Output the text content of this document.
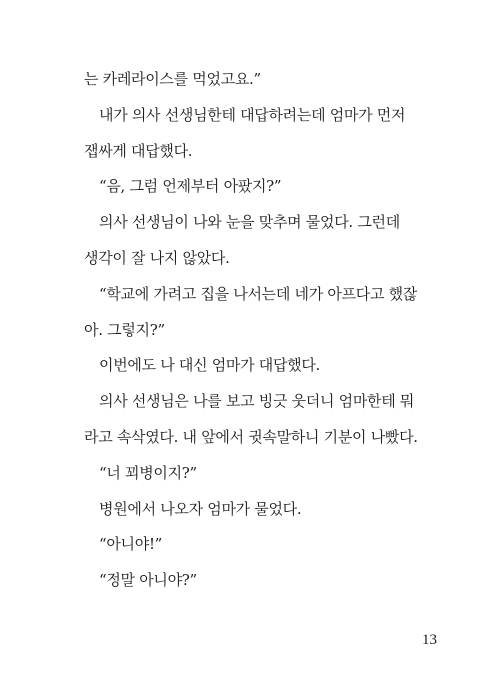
는 카레라이스를 먹었고요.”
내가 의사 선생님한테 대답하려는데 엄마가 먼저
잽싸게 대답했다.
“음, 그럼 언제부터 아팠지?”
의사 선생님이 나와 눈을 맞추며 물었다. 그런데
생각이 잘 나지 않았다.
“학교에 가려고 집을 나서는데 네가 아프다고 했잖
아. 그렇지?”
이번에도 나 대신 엄마가 대답했다.
의사 선생님은 나를 보고 빙긋 웃더니 엄마한테 뭐
라고 속삭였다. 내 앞에서 귓속말하니 기분이 나빴다.
“너 꾀병이지?”
병원에서 나오자 엄마가 물었다.
“아니야!”
“정말 아니야?”
13
